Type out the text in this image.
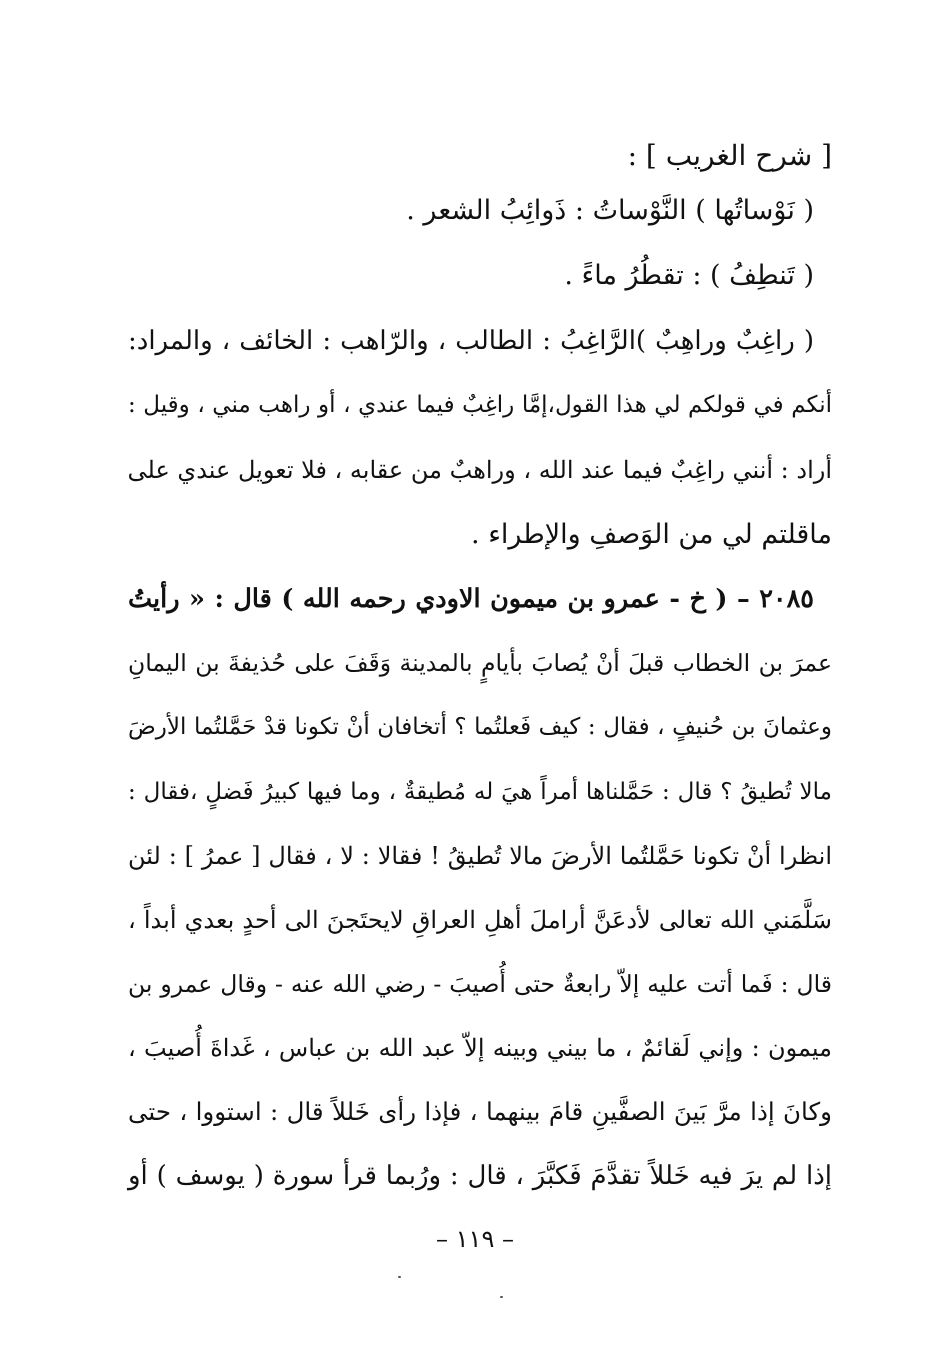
[ شرح الغريب ] :
( نَوْساتُها ) النَّوْساتُ : ذَوائِبُ الشعر .
( تَنطِفُ ) : تقطُرُ ماءً .
( راغِبٌ وراهِبٌ )الرَّاغِبُ : الطالب ، والرّاهب : الخائف ، والمراد:
أنكم في قولكم لي هذا القول،إمَّا راغِبٌ فيما عندي ، أو راهب مني ، وقيل :
أراد : أنني راغِبٌ فيما عند الله ، وراهبٌ من عقابه ، فلا تعويل عندي على
ماقلتم لي من الوَصفِ والإطراء .
٢٠٨٥ – ( خ - عمرو بن ميمون الاودي رحمه الله ) قال : « رأيتُ
عمرَ بن الخطاب قبلَ أنْ يُصابَ بأيامٍ بالمدينة وَقَفَ على حُذيفةَ بن اليمانِ
وعثمانَ بن حُنيفٍ ، فقال : كيف فَعلتُما ؟ أتخافان أنْ تكونا قدْ حَمَّلتُما الأرضَ
مالا تُطيقُ ؟ قال : حَمَّلناها أمراً هيَ له مُطيقةٌ ، وما فيها كبيرُ فَضلٍ ،فقال :
انظرا أنْ تكونا حَمَّلتُما الأرضَ مالا تُطيقُ ! فقالا : لا ، فقال [ عمرُ ] : لئن
سَلَّمَني الله تعالى لأدعَنَّ أراملَ أهلِ العراقِ لايحتَجنَ الى أحدٍ بعدي أبداً ،
قال : فَما أتت عليه إلاّ رابعةٌ حتى أُصيبَ - رضي الله عنه - وقال عمرو بن
ميمون : وإني لَقائمٌ ، ما بيني وبينه إلاّ عبد الله بن عباس ، غَداةَ أُصيبَ ،
وكانَ إذا مرَّ بَينَ الصفَّينِ قامَ بينهما ، فإذا رأى خَللاً قال : استووا ، حتى
إذا لم يرَ فيه خَللاً تقدَّمَ فَكبَّرَ ، قال : ورُبما قرأ سورة ( يوسف ) أو
– ١١٩ –
